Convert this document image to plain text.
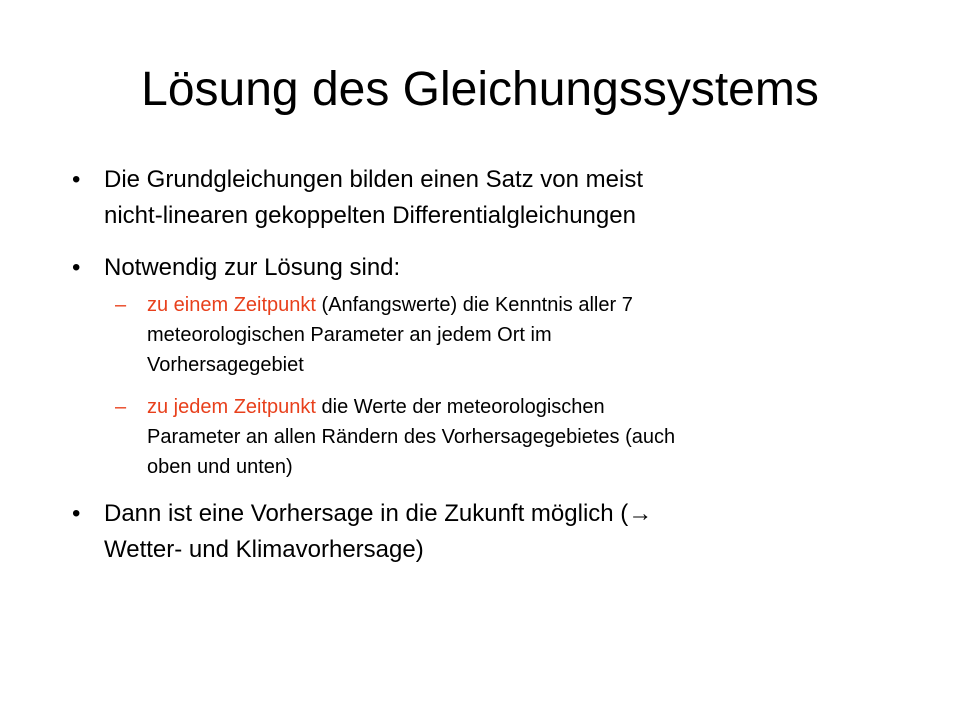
Lösung des Gleichungssystems
• Die Grundgleichungen bilden einen Satz von meist
nicht-linearen gekoppelten Differentialgleichungen
• Notwendig zur Lösung sind:
– zu einem Zeitpunkt (Anfangswerte) die Kenntnis aller 7
meteorologischen Parameter an jedem Ort im
Vorhersagegebiet
– zu jedem Zeitpunkt die Werte der meteorologischen
Parameter an allen Rändern des Vorhersagegebietes (auch
oben und unten)
• Dann ist eine Vorhersage in die Zukunft möglich (→
Wetter- und Klimavorhersage)
